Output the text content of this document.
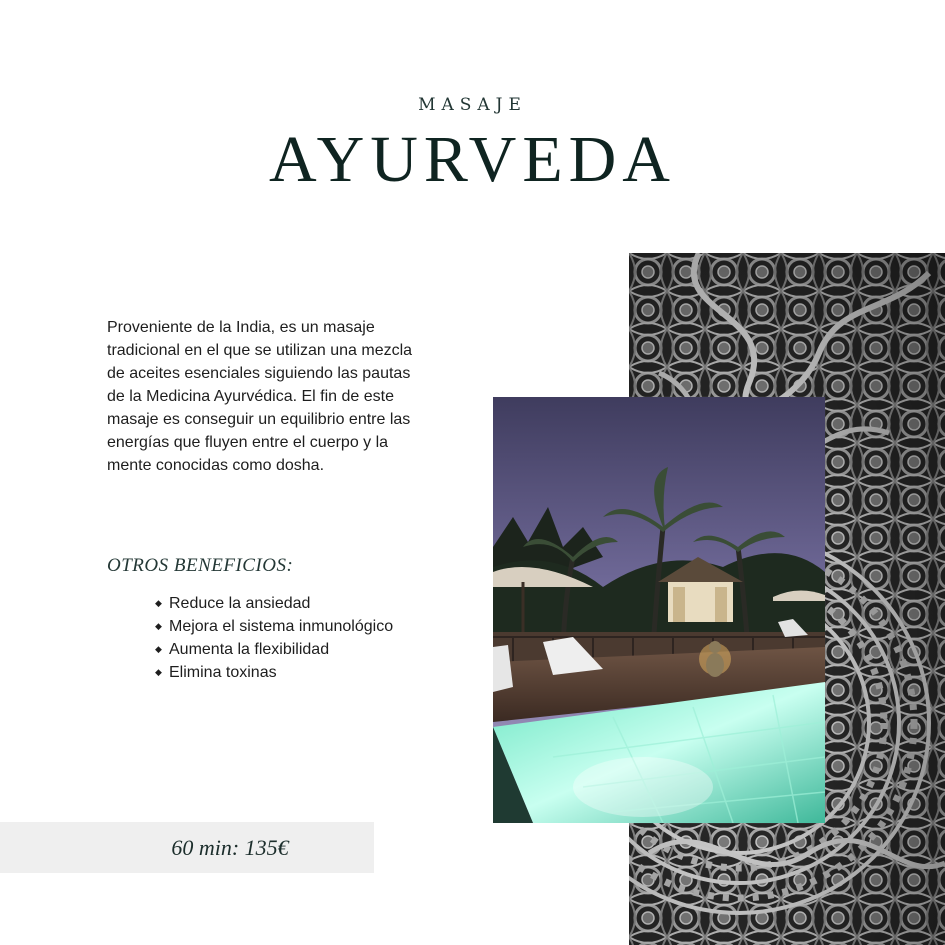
MASAJE
AYURVEDA
Proveniente de la India, es un masaje tradicional en el que se utilizan una mezcla de aceites esenciales siguiendo las pautas de la Medicina Ayurvédica. El fin de este masaje es conseguir un equilibrio entre las energías que fluyen entre el cuerpo y la mente conocidas como dosha.
OTROS BENEFICIOS:
◆ Reduce la ansiedad
◆ Mejora el sistema inmunológico
◆ Aumenta la flexibilidad
◆ Elimina toxinas
60 min: 135€
